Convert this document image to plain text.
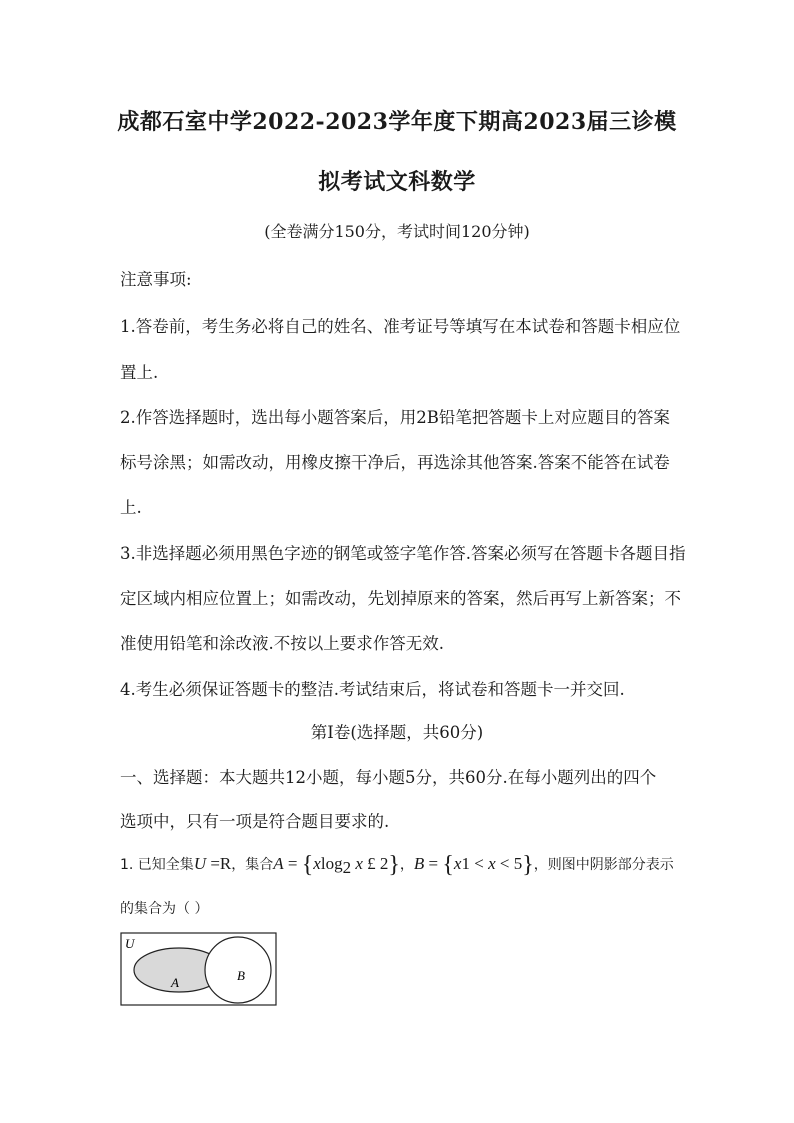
成都石室中学2022-2023学年度下期高2023届三诊模
拟考试文科数学
(全卷满分150分，考试时间120分钟)
注意事项:
1.答卷前，考生务必将自己的姓名、准考证号等填写在本试卷和答题卡相应位
置上.
2.作答选择题时，选出每小题答案后，用2B铅笔把答题卡上对应题目的答案
标号涂黑；如需改动，用橡皮擦干净后，再选涂其他答案.答案不能答在试卷
上.
3.非选择题必须用黑色字迹的钢笔或签字笔作答.答案必须写在答题卡各题目指
定区域内相应位置上；如需改动，先划掉原来的答案，然后再写上新答案；不
准使用铅笔和涂改液.不按以上要求作答无效.
4.考生必须保证答题卡的整洁.考试结束后，将试卷和答题卡一并交回.
第I卷(选择题，共60分)
一、选择题：本大题共12小题，每小题5分，共60分.在每小题列出的四个
选项中，只有一项是符合题目要求的.
1. 已知全集U =R，集合A = {xlog$_2$ x £ 2}，B = {x1 < x < 5}，则图中阴影部分表示
的集合为（ ）
U
A	B
